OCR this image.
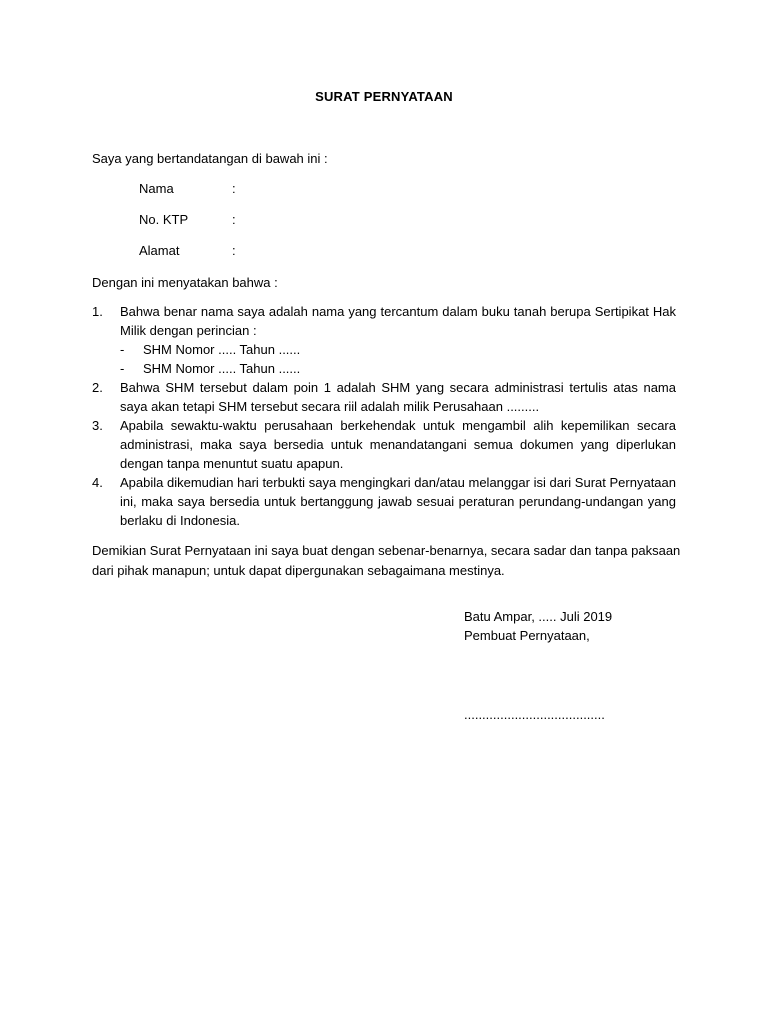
SURAT PERNYATAAN
Saya yang bertandatangan di bawah ini :
Nama	:
No. KTP	:
Alamat	:
Dengan ini menyatakan bahwa :
1. Bahwa benar nama saya adalah nama yang tercantum dalam buku tanah berupa Sertipikat Hak Milik dengan perincian :
- SHM Nomor ..... Tahun ......
- SHM Nomor ..... Tahun ......
2. Bahwa SHM tersebut dalam poin 1 adalah SHM yang secara administrasi tertulis atas nama saya akan tetapi SHM tersebut secara riil adalah milik Perusahaan .........
3. Apabila sewaktu-waktu perusahaan berkehendak untuk mengambil alih kepemilikan secara administrasi, maka saya bersedia untuk menandatangani semua dokumen yang diperlukan dengan tanpa menuntut suatu apapun.
4. Apabila dikemudian hari terbukti saya mengingkari dan/atau melanggar isi dari Surat Pernyataan ini, maka saya bersedia untuk bertanggung jawab sesuai peraturan perundang-undangan yang berlaku di Indonesia.
Demikian Surat Pernyataan ini saya buat dengan sebenar-benarnya, secara sadar dan tanpa paksaan dari pihak manapun; untuk dapat dipergunakan sebagaimana mestinya.
Batu Ampar, ..... Juli 2019
Pembuat Pernyataan,
.......................................
